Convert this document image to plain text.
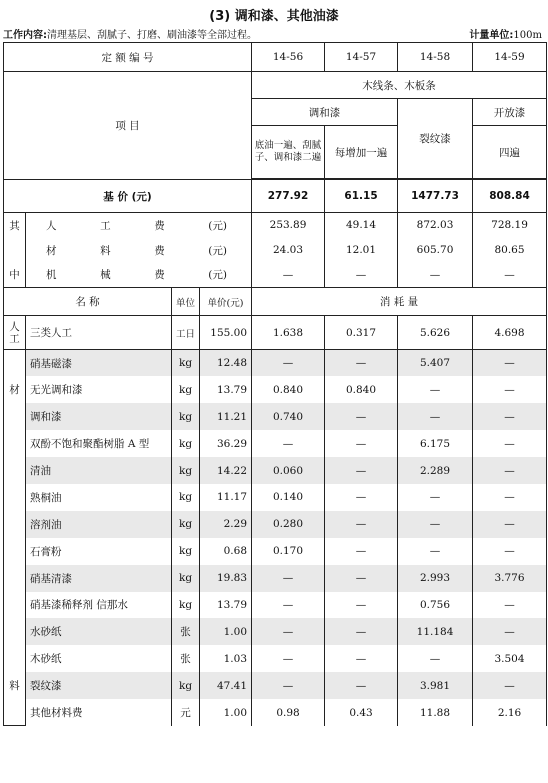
(3) 调和漆、其他油漆
工作内容:清理基层、刮腻子、打磨、刷油漆等全部过程。	计量单位:100m
定 额 编 号				14-56	14-57	14-58	14-59
项 目				木线条、木板条			
				调和漆		裂纹漆	开放漆
				底油一遍、刮腻子、调和漆二遍	每增加一遍		四遍

基 价 (元)				277.92	61.15	1477.73	808.84
其	人 工 费 (元)			253.89	49.14	872.03	728.19

	材 料 费 (元)			24.03	12.01	605.70	80.65
中	机 械 费 (元)			—	—	—	—
名 称		单位	单价(元)	消 耗 量			

人
工	三类人工	工日	155.00	1.638	0.317	5.626	4.698
	硝基磁漆	kg	12.48	—	—	5.407	—
材	无光调和漆	kg	13.79	0.840	0.840	—	—
	调和漆	kg	11.21	0.740	—	—	—
	双酚不饱和聚酯树脂 A 型	kg	36.29	—	—	6.175	—
	清油	kg	14.22	0.060	—	2.289	—
	熟桐油	kg	11.17	0.140	—	—	—
	溶剂油	kg	2.29	0.280	—	—	—
	石膏粉	kg	0.68	0.170	—	—	—
	硝基清漆	kg	19.83	—	—	2.993	3.776
	硝基漆稀释剂 信那水	kg	13.79	—	—	0.756	—
	水砂纸	张	1.00	—	—	11.184	—
	木砂纸	张	1.03	—	—	—	3.504
料	裂纹漆	kg	47.41	—	—	3.981	—
	其他材料费	元	1.00	0.98	0.43	11.88	2.16
